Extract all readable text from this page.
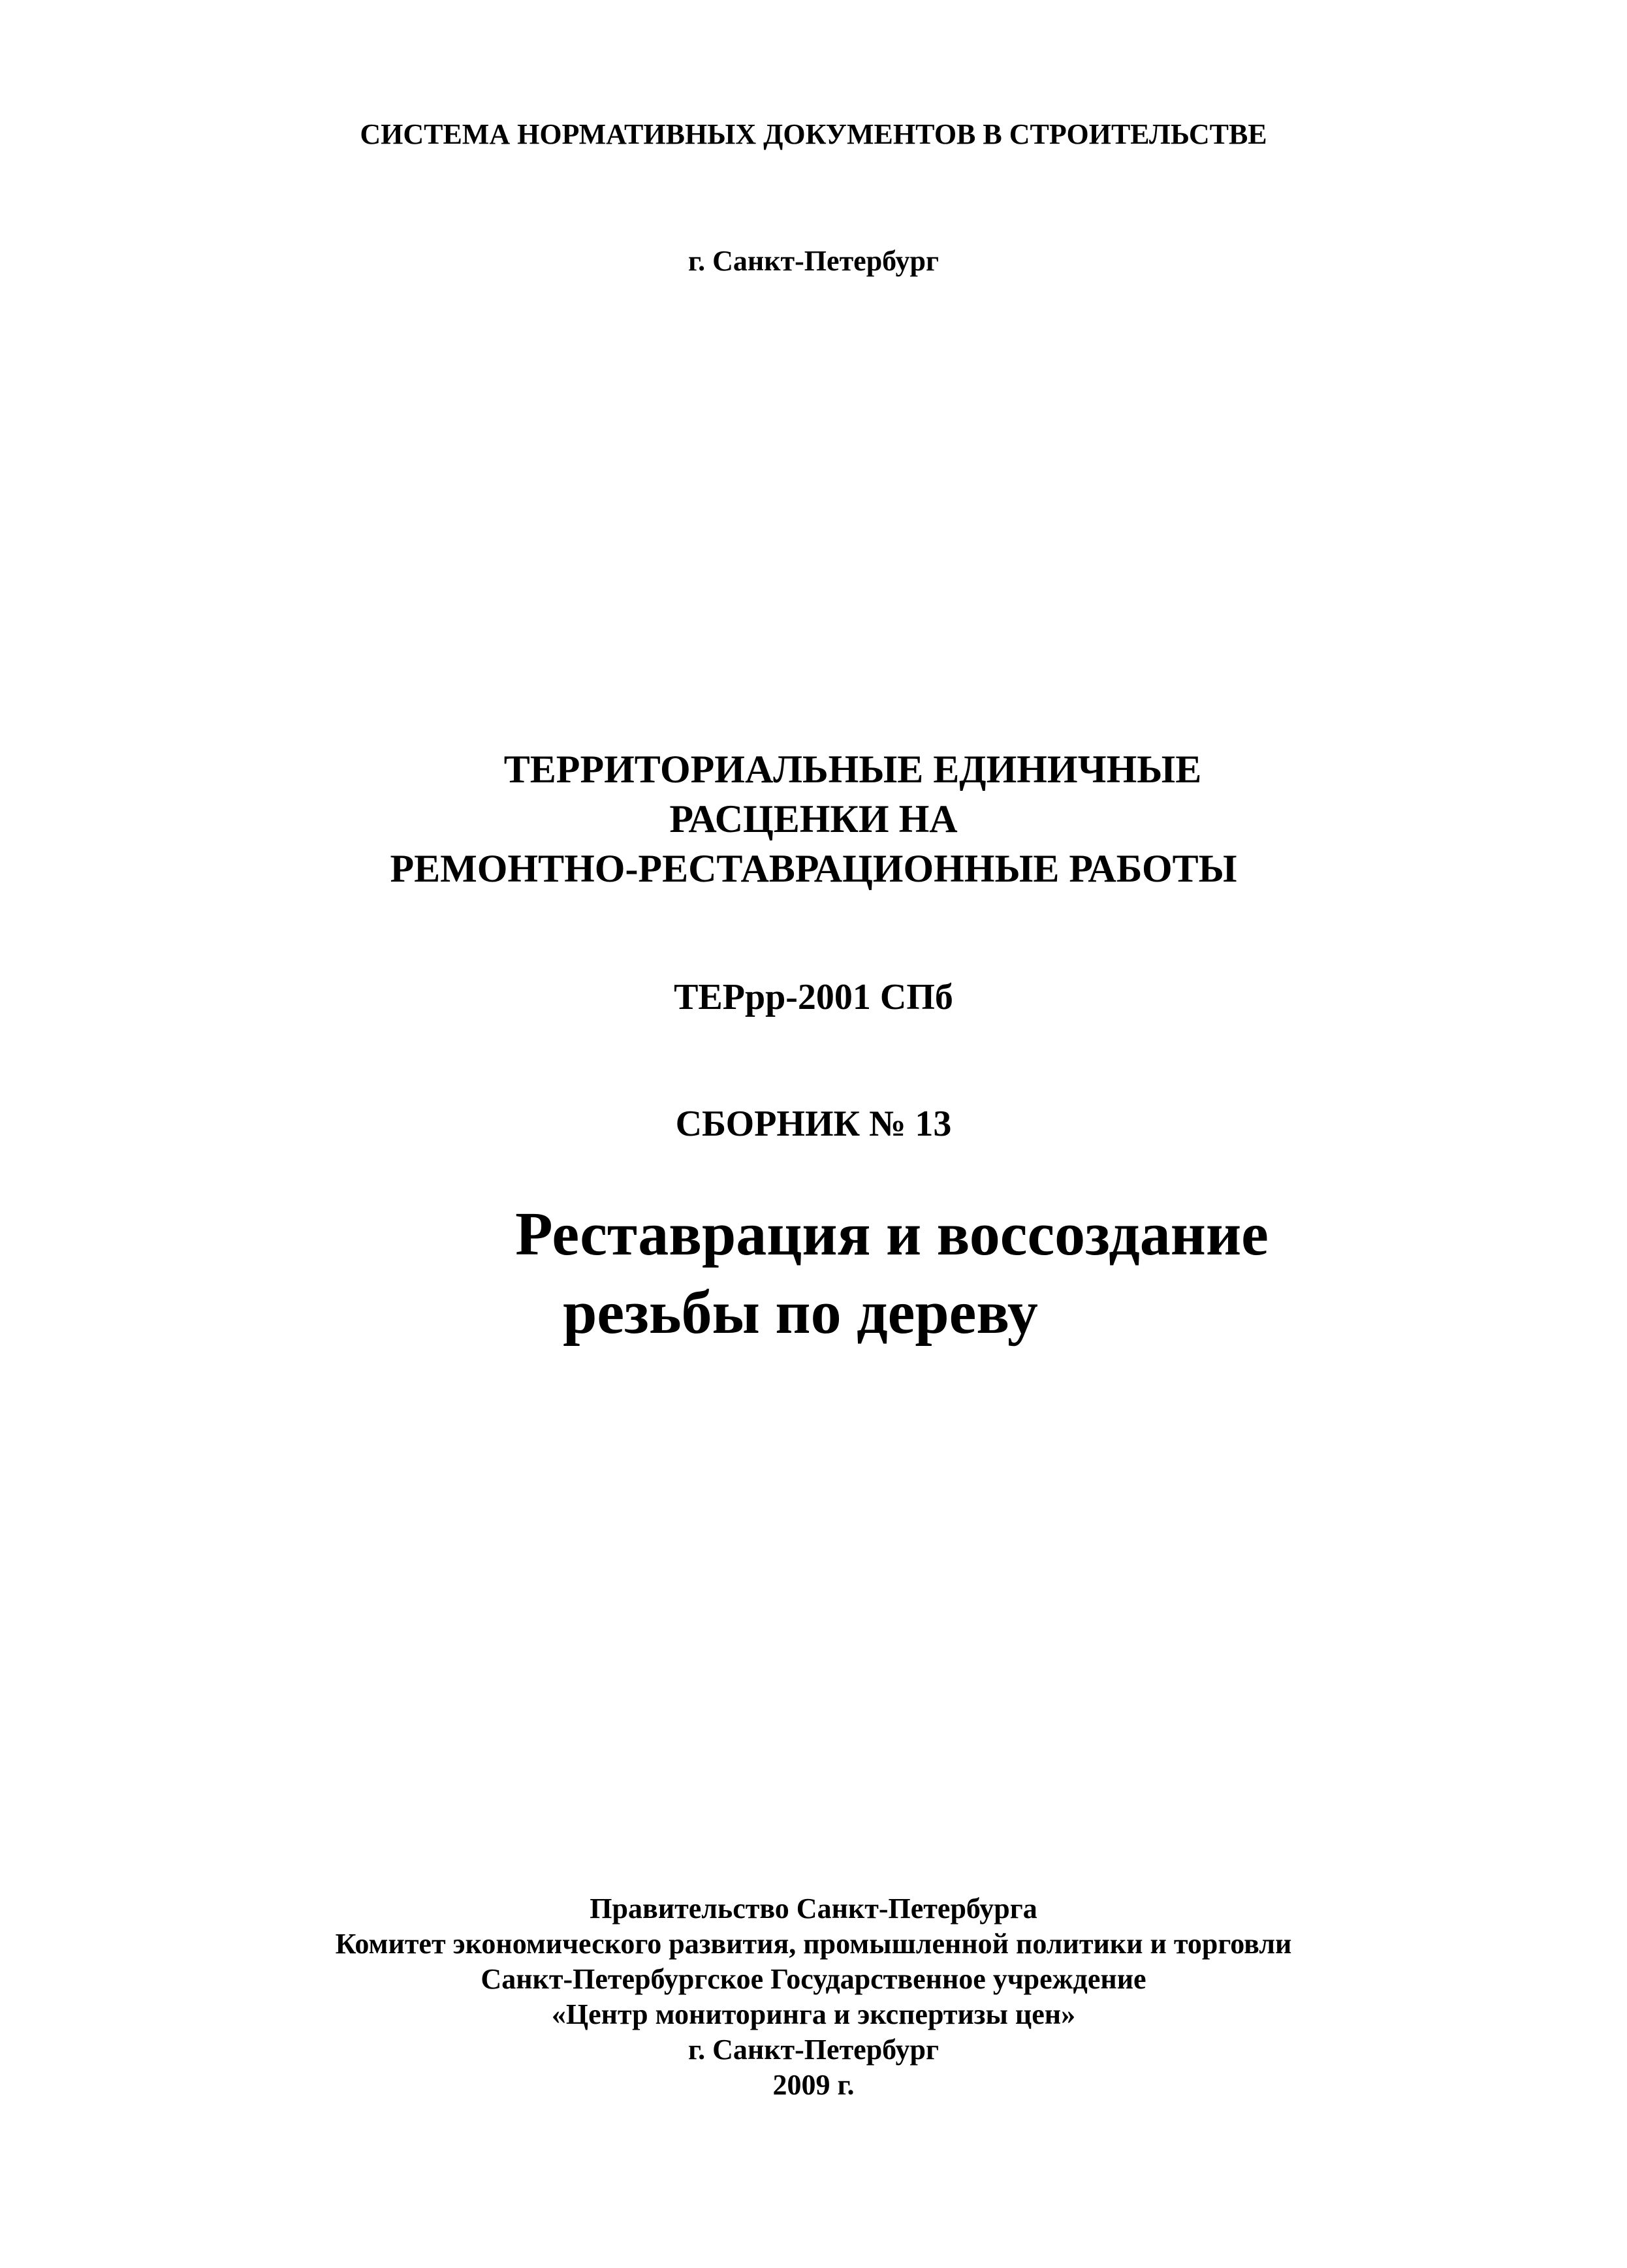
СИСТЕМА НОРМАТИВНЫХ ДОКУМЕНТОВ В СТРОИТЕЛЬСТВЕ

г. Санкт-Петербург

ТЕРРИТОРИАЛЬНЫЕ ЕДИНИЧНЫЕ

РАСЦЕНКИ НА

РЕМОНТНО-РЕСТАВРАЦИОННЫЕ РАБОТЫ

ТЕРрр-2001 СПб

СБОРНИК № 13

Реставрация и воссоздание

резьбы по дереву

Правительство Санкт-Петербурга

Комитет экономического развития, промышленной политики и торговли

Санкт-Петербургское Государственное учреждение

«Центр мониторинга и экспертизы цен»

г. Санкт-Петербург

2009 г.
